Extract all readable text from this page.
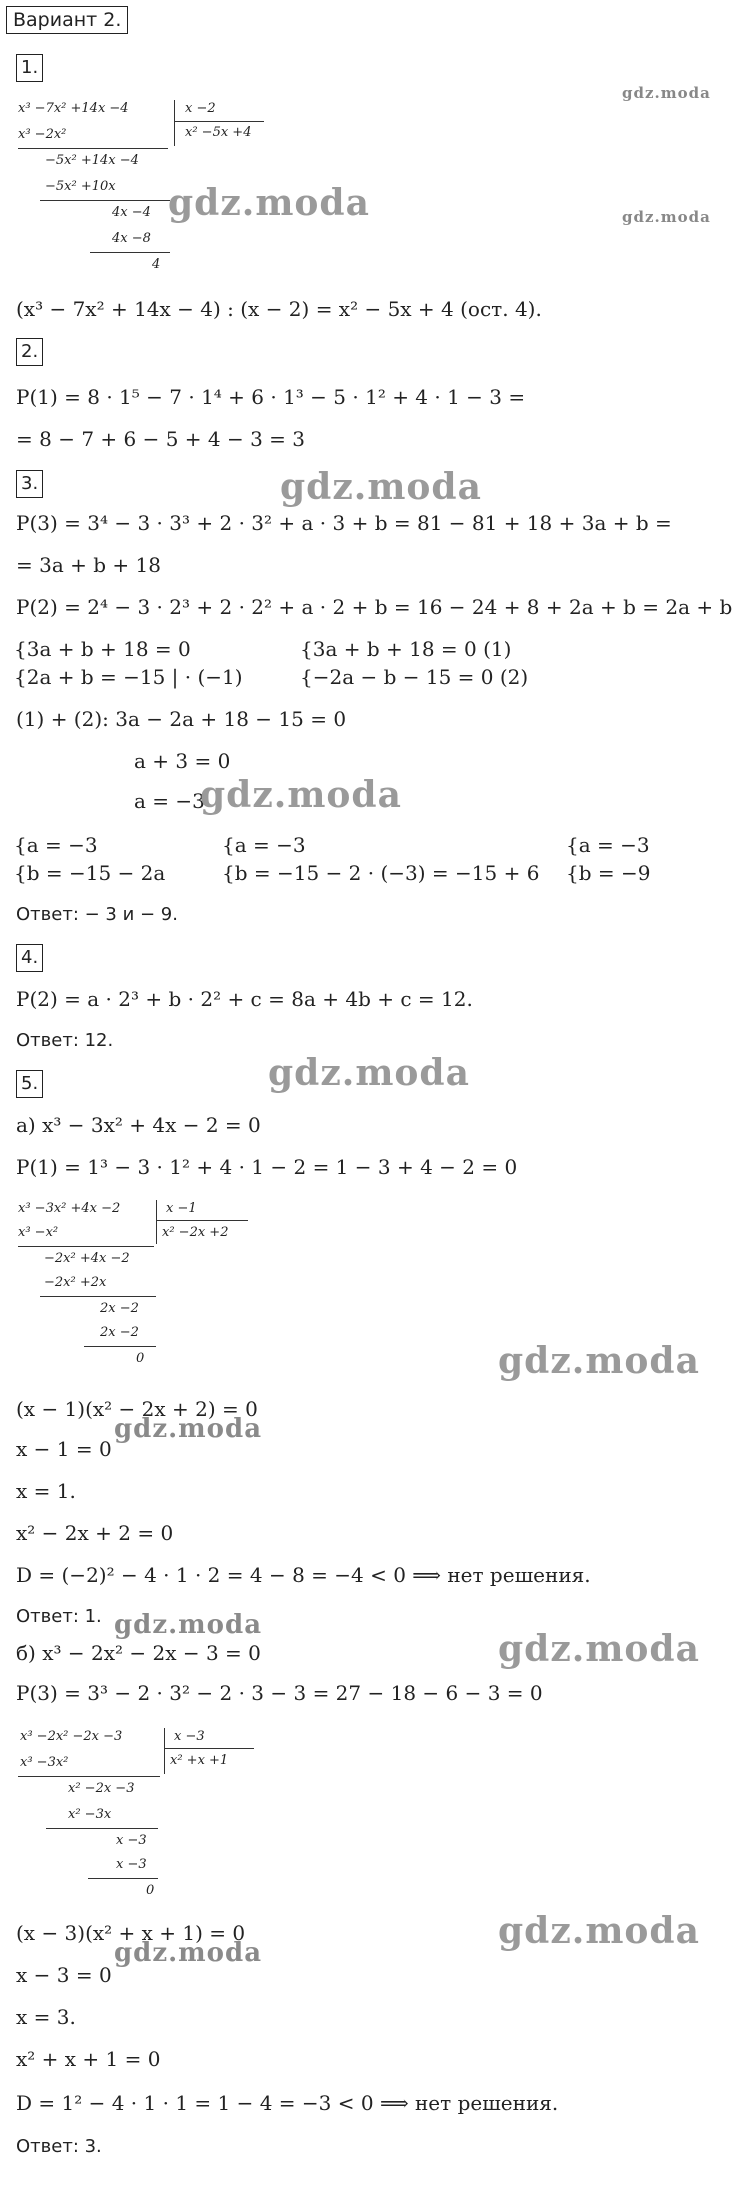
Вариант 2.
1.
gdz.moda
x³ −7x² +14x −4	x −2
x² −5x +4
x³ −2x²
−5x² +14x −4
−5x² +10x
4x −4 gdz.moda	gdz.moda
4x −8
4
(x³ − 7x² + 14x − 4) : (x − 2) = x² − 5x + 4 (ост. 4).
2.
P(1) = 8 · 1⁵ − 7 · 1⁴ + 6 · 1³ − 5 · 1² + 4 · 1 − 3 =
= 8 − 7 + 6 − 5 + 4 − 3 = 3
3.	gdz.moda
P(3) = 3⁴ − 3 · 3³ + 2 · 3² + a · 3 + b = 81 − 81 + 18 + 3a + b =
= 3a + b + 18
P(2) = 2⁴ − 3 · 2³ + 2 · 2² + a · 2 + b = 16 − 24 + 8 + 2a + b = 2a + b
{3a + b + 18 = 0
{2a + b = −15 | · (−1)
{3a + b + 18 = 0 (1)
{−2a − b − 15 = 0 (2)
(1) + (2): 3a − 2a + 18 − 15 = 0
a + 3 = 0
a = −3
gdz.moda
{a = −3
{b = −15 − 2a
{a = −3
{b = −15 − 2 · (−3) = −15 + 6
{a = −3
{b = −9
Ответ: − 3 и − 9.
4.
P(2) = a · 2³ + b · 2² + c = 8a + 4b + c = 12.
Ответ: 12.
5.	gdz.moda
а) x³ − 3x² + 4x − 2 = 0
P(1) = 1³ − 3 · 1² + 4 · 1 − 2 = 1 − 3 + 4 − 2 = 0
x³ −3x² +4x −2	x −1
x² −2x +2
x³ −x²
−2x² +4x −2
−2x² +2x
2x −2
2x −2
0	gdz.moda
(x − 1)(x² − 2x + 2) = 0
x − 1 = 0
gdz.moda
x = 1.
x² − 2x + 2 = 0
D = (−2)² − 4 · 1 · 2 = 4 − 8 = −4 < 0 ⟹ нет решения.
Ответ: 1. gdz.moda
б) x³ − 2x² − 2x − 3 = 0	gdz.moda
P(3) = 3³ − 2 · 3² − 2 · 3 − 3 = 27 − 18 − 6 − 3 = 0
x³ −2x² −2x −3	x −3
x² +x +1
x³ −3x²
x² −2x −3
x² −3x
x −3
x −3
0
(x − 3)(x² + x + 1) = 0	gdz.moda
x − 3 = 0
gdz.moda
x = 3.
x² + x + 1 = 0
D = 1² − 4 · 1 · 1 = 1 − 4 = −3 < 0 ⟹ нет решения.
Ответ: 3.
